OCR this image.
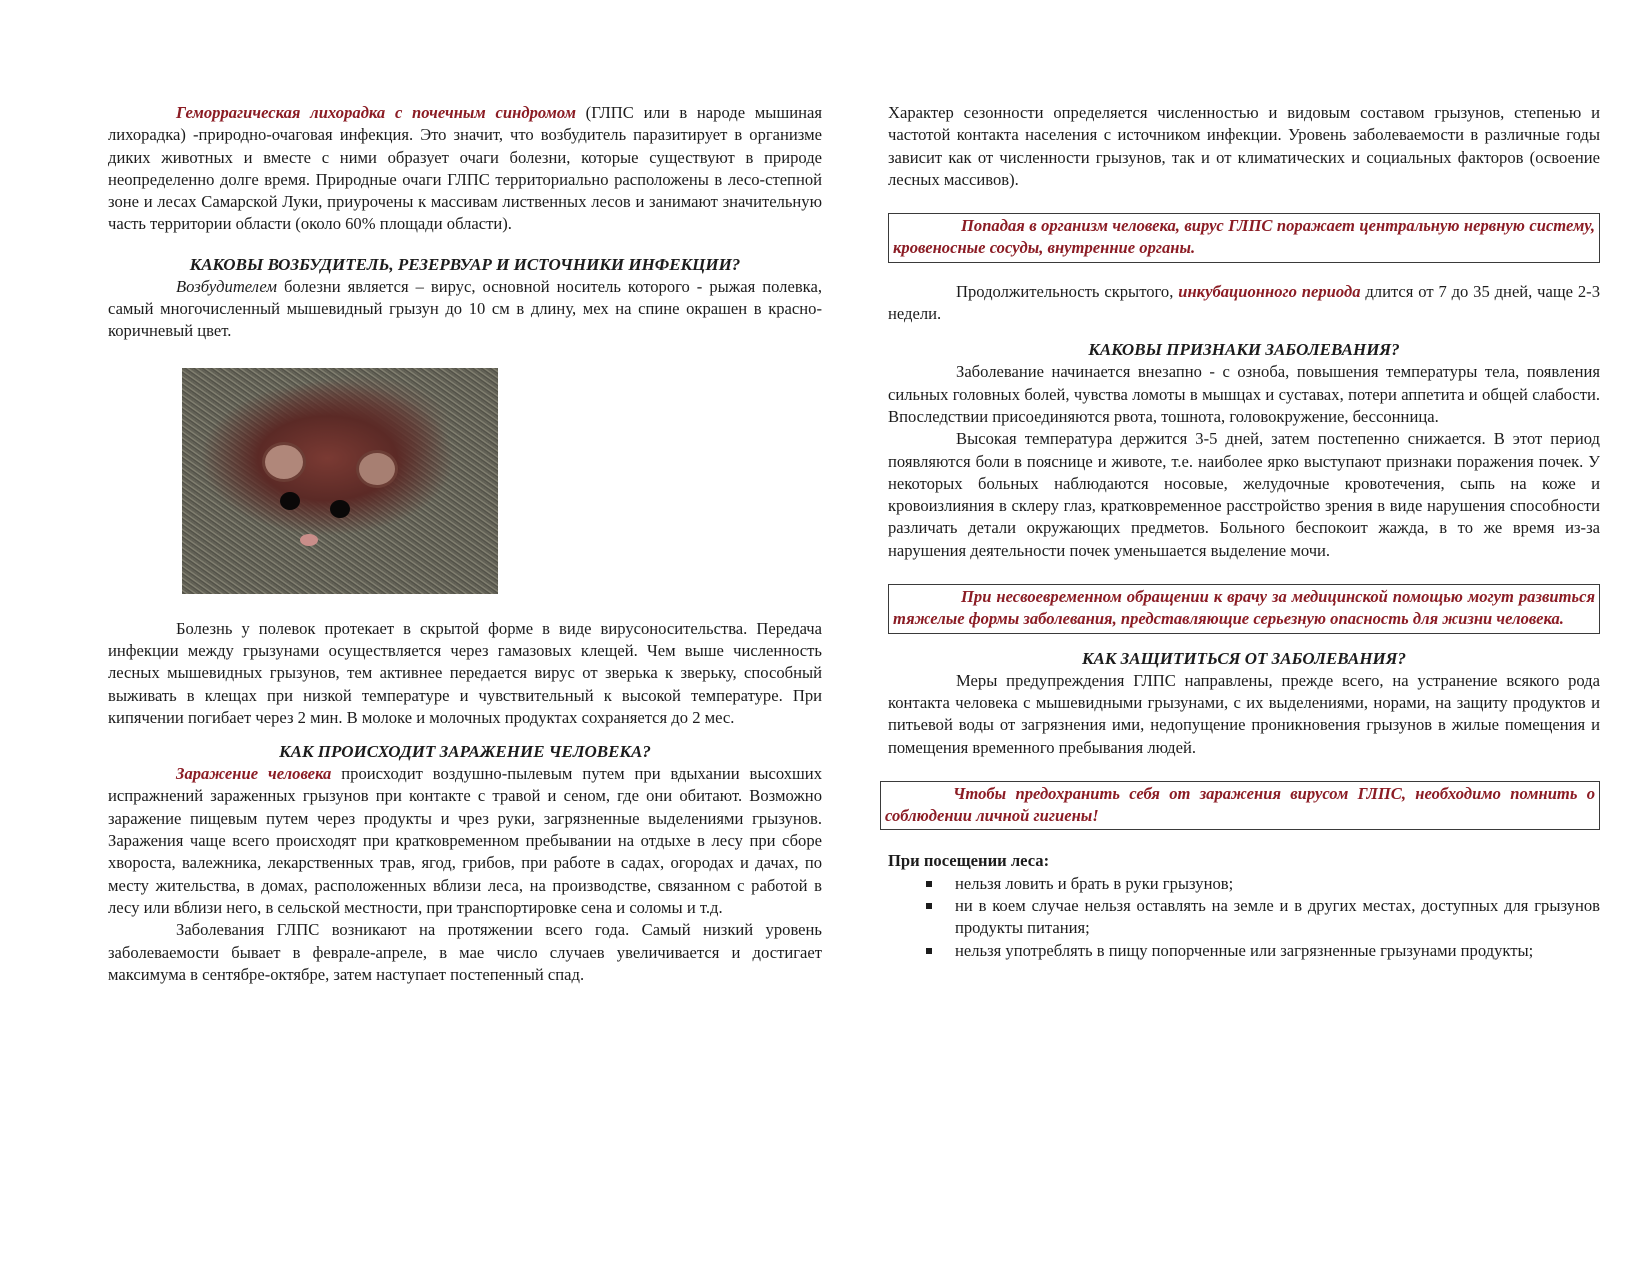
Геморрагическая лихорадка с почечным синдромом (ГЛПС или в народе мышиная лихорадка) -природно-очаговая инфекция. Это значит, что возбудитель паразитирует в организме диких животных и вместе с ними образует очаги болезни, которые существуют в природе неопределенно долге время. Природные очаги ГЛПС территориально расположены в лесо-степной зоне и лесах Самарской Луки, приурочены к массивам лиственных лесов и занимают значительную часть территории области (около 60% площади области).

КАКОВЫ ВОЗБУДИТЕЛЬ, РЕЗЕРВУАР И ИСТОЧНИКИ ИНФЕКЦИИ?

Возбудителем болезни является – вирус, основной носитель которого - рыжая полевка, самый многочисленный мышевидный грызун до 10 см в длину, мех на спине окрашен в красно-коричневый цвет.

Болезнь у полевок протекает в скрытой форме в виде вирусоносительства. Передача инфекции между грызунами осуществляется через гамазовых клещей. Чем выше численность лесных мышевидных грызунов, тем активнее передается вирус от зверька к зверьку, способный выживать в клещах при низкой температуре и чувствительный к высокой температуре. При кипячении погибает через 2 мин. В молоке и молочных продуктах сохраняется до 2 мес.

КАК ПРОИСХОДИТ ЗАРАЖЕНИЕ ЧЕЛОВЕКА?

Заражение человека происходит воздушно-пылевым путем при вдыхании высохших испражнений зараженных грызунов при контакте с травой и сеном, где они обитают. Возможно заражение пищевым путем через продукты и чрез руки, загрязненные выделениями грызунов. Заражения чаще всего происходят при кратковременном пребывании на отдыхе в лесу при сборе хвороста, валежника, лекарственных трав, ягод, грибов, при работе в садах, огородах и дачах, по месту жительства, в домах, расположенных вблизи леса, на производстве, связанном с работой в лесу или вблизи него, в сельской местности, при транспортировке сена и соломы и т.д.

Заболевания ГЛПС возникают на протяжении всего года. Самый низкий уровень заболеваемости бывает в феврале-апреле, в мае число случаев увеличивается и достигает максимума в сентябре-октябре, затем наступает постепенный спад.

Характер сезонности определяется численностью и видовым составом грызунов, степенью и частотой контакта населения с источником инфекции. Уровень заболеваемости в различные годы зависит как от численности грызунов, так и от климатических и социальных факторов (освоение лесных массивов).

Попадая в организм человека, вирус ГЛПС поражает центральную нервную систему, кровеносные сосуды, внутренние органы.

Продолжительность скрытого, инкубационного периода длится от 7 до 35 дней, чаще 2-3 недели.

КАКОВЫ ПРИЗНАКИ ЗАБОЛЕВАНИЯ?

Заболевание начинается внезапно - с озноба, повышения температуры тела, появления сильных головных болей, чувства ломоты в мышцах и суставах, потери аппетита и общей слабости. Впоследствии присоединяются рвота, тошнота, головокружение, бессонница.

Высокая температура держится 3-5 дней, затем постепенно снижается. В этот период появляются боли в пояснице и животе, т.е. наиболее ярко выступают признаки поражения почек. У некоторых больных наблюдаются носовые, желудочные кровотечения, сыпь на коже и кровоизлияния в склеру глаз, кратковременное расстройство зрения в виде нарушения способности различать детали окружающих предметов. Больного беспокоит жажда, в то же время из-за нарушения деятельности почек уменьшается выделение мочи.

При несвоевременном обращении к врачу за медицинской помощью могут развиться тяжелые формы заболевания, представляющие серьезную опасность для жизни человека.
КАК ЗАЩИТИТЬСЯ ОТ ЗАБОЛЕВАНИЯ?

Меры предупреждения ГЛПС направлены, прежде всего, на устранение всякого рода контакта человека с мышевидными грызунами, с их выделениями, норами, на защиту продуктов и питьевой воды от загрязнения ими, недопущение проникновения грызунов в жилые помещения и помещения временного пребывания людей.

Чтобы предохранить себя от заражения вирусом ГЛПС, необходимо помнить о соблюдении личной гигиены!
При посещении леса:
нельзя ловить и брать в руки грызунов;
ни в коем случае нельзя оставлять на земле и в других местах, доступных для грызунов продукты питания;
нельзя употреблять в пищу попорченные или загрязненные грызунами продукты;
